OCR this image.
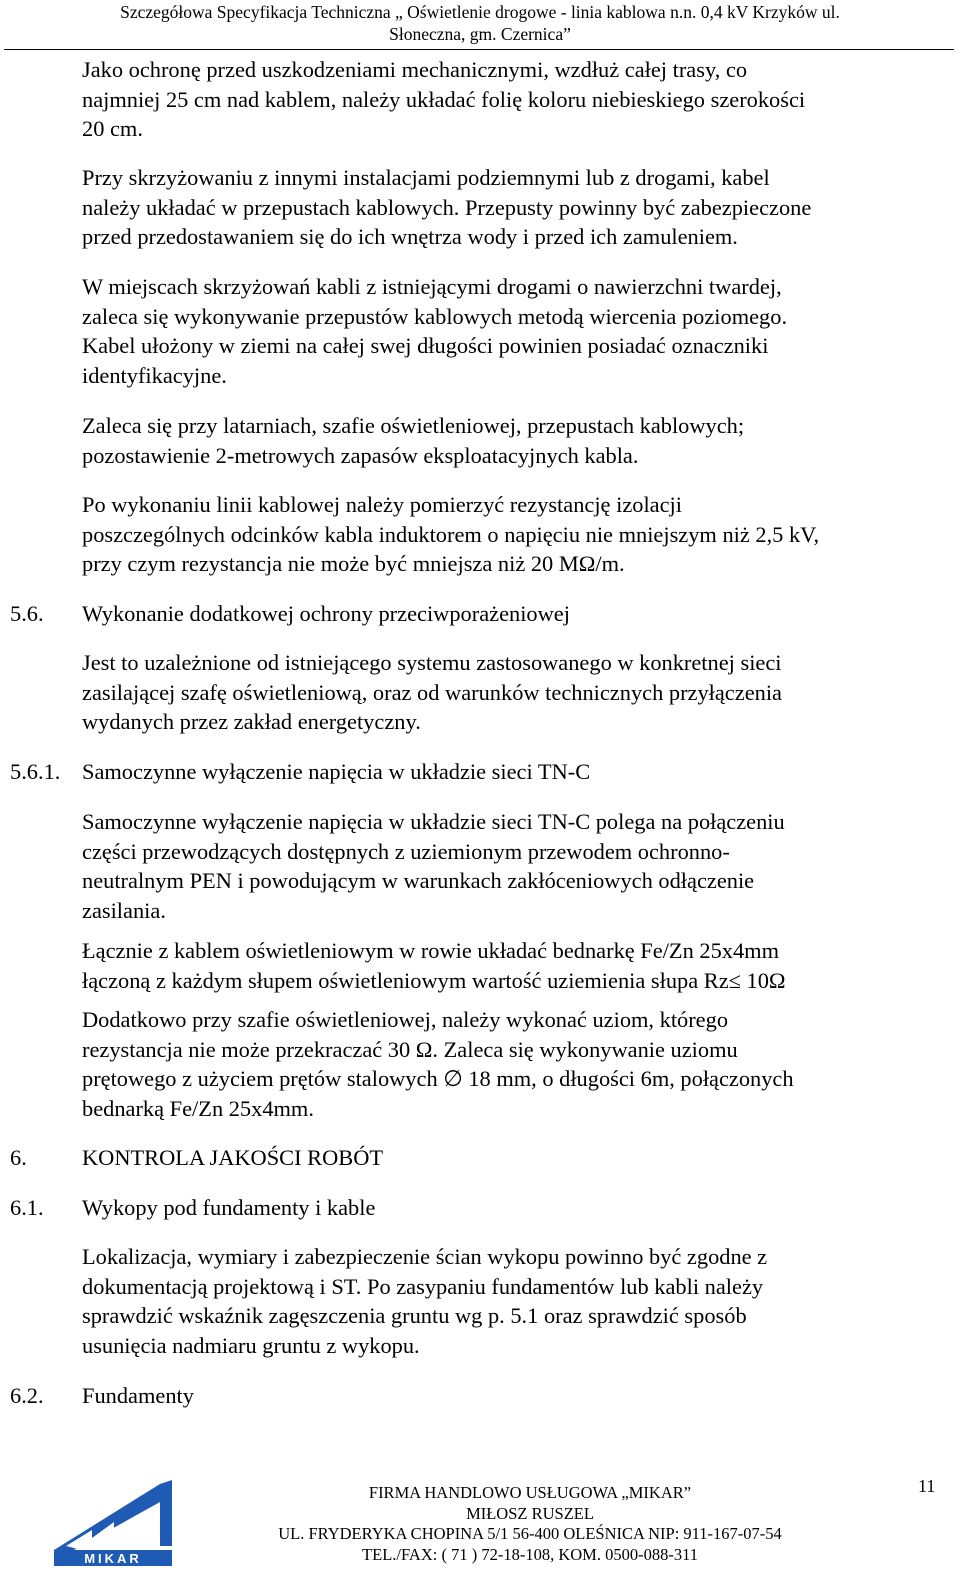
Szczegółowa Specyfikacja Techniczna „ Oświetlenie drogowe - linia kablowa n.n. 0,4 kV Krzyków ul.
Słoneczna, gm. Czernica”
Jako ochronę przed uszkodzeniami mechanicznymi, wzdłuż całej trasy, co
najmniej 25 cm nad kablem, należy układać folię koloru niebieskiego szerokości
20 cm.
Przy skrzyżowaniu z innymi instalacjami podziemnymi lub z drogami, kabel
należy układać w przepustach kablowych. Przepusty powinny być zabezpieczone
przed przedostawaniem się do ich wnętrza wody i przed ich zamuleniem.
W miejscach skrzyżowań kabli z istniejącymi drogami o nawierzchni twardej,
zaleca się wykonywanie przepustów kablowych metodą wiercenia poziomego.
Kabel ułożony w ziemi na całej swej długości powinien posiadać oznaczniki
identyfikacyjne.
Zaleca się przy latarniach, szafie oświetleniowej, przepustach kablowych;
pozostawienie 2-metrowych zapasów eksploatacyjnych kabla.
Po wykonaniu linii kablowej należy pomierzyć rezystancję izolacji
poszczególnych odcinków kabla induktorem o napięciu nie mniejszym niż 2,5 kV,
przy czym rezystancja nie może być mniejsza niż 20 MΩ/m.
5.6. Wykonanie dodatkowej ochrony przeciwporażeniowej
Jest to uzależnione od istniejącego systemu zastosowanego w konkretnej sieci
zasilającej szafę oświetleniową, oraz od warunków technicznych przyłączenia
wydanych przez zakład energetyczny.
5.6.1. Samoczynne wyłączenie napięcia w układzie sieci TN-C
Samoczynne wyłączenie napięcia w układzie sieci TN-C polega na połączeniu
części przewodzących dostępnych z uziemionym przewodem ochronno-
neutralnym PEN i powodującym w warunkach zakłóceniowych odłączenie
zasilania.
Łącznie z kablem oświetleniowym w rowie układać bednarkę Fe/Zn 25x4mm
łączoną z każdym słupem oświetleniowym wartość uziemienia słupa Rz≤ 10Ω
Dodatkowo przy szafie oświetleniowej, należy wykonać uziom, którego
rezystancja nie może przekraczać 30 Ω. Zaleca się wykonywanie uziomu
prętowego z użyciem prętów stalowych ∅ 18 mm, o długości 6m, połączonych
bednarką Fe/Zn 25x4mm.
6. KONTROLA JAKOŚCI ROBÓT
6.1. Wykopy pod fundamenty i kable
Lokalizacja, wymiary i zabezpieczenie ścian wykopu powinno być zgodne z
dokumentacją projektową i ST. Po zasypaniu fundamentów lub kabli należy
sprawdzić wskaźnik zagęszczenia gruntu wg p. 5.1 oraz sprawdzić sposób
usunięcia nadmiaru gruntu z wykopu.
6.2. Fundamenty
MIKAR
FIRMA HANDLOWO USŁUGOWA „MIKAR”
MIŁOSZ RUSZEL
UL. FRYDERYKA CHOPINA 5/1 56-400 OLEŚNICA NIP: 911-167-07-54
TEL./FAX: ( 71 ) 72-18-108, KOM. 0500-088-311
11
